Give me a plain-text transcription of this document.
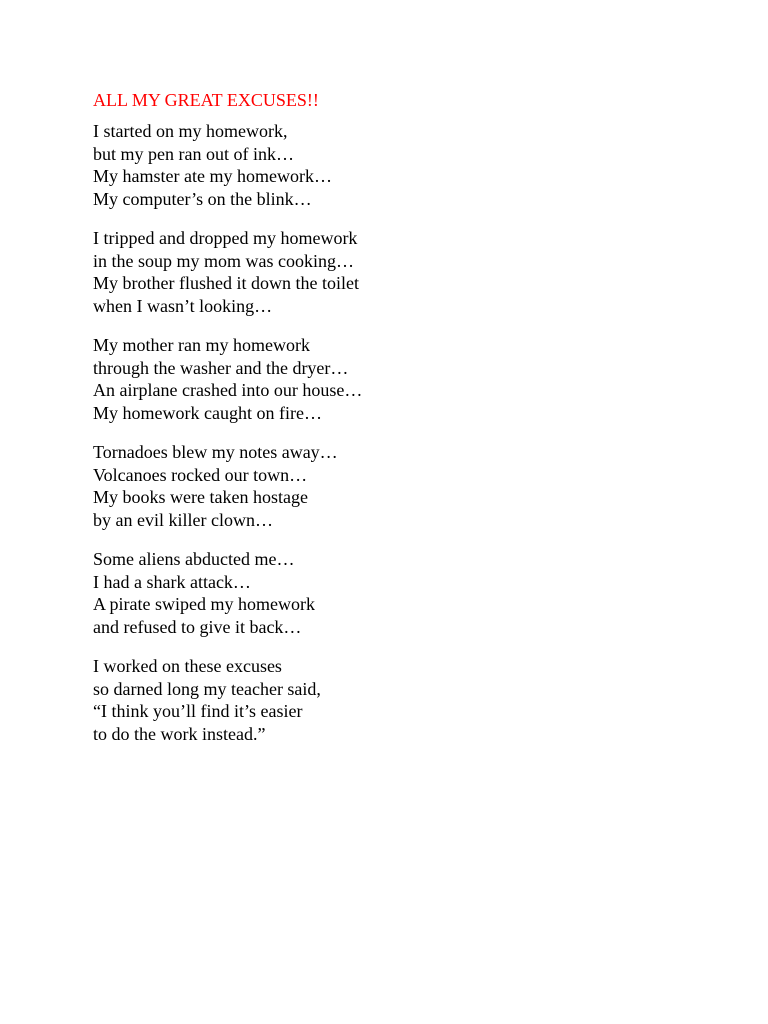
ALL MY GREAT EXCUSES!!
I started on my homework,
but my pen ran out of ink…
My hamster ate my homework…
My computer’s on the blink…
I tripped and dropped my homework
in the soup my mom was cooking…
My brother flushed it down the toilet
when I wasn’t looking…
My mother ran my homework
through the washer and the dryer…
An airplane crashed into our house…
My homework caught on fire…
Tornadoes blew my notes away…
Volcanoes rocked our town…
My books were taken hostage
by an evil killer clown…
Some aliens abducted me…
I had a shark attack…
A pirate swiped my homework
and refused to give it back…
I worked on these excuses
so darned long my teacher said,
“I think you’ll find it’s easier
to do the work instead.”
